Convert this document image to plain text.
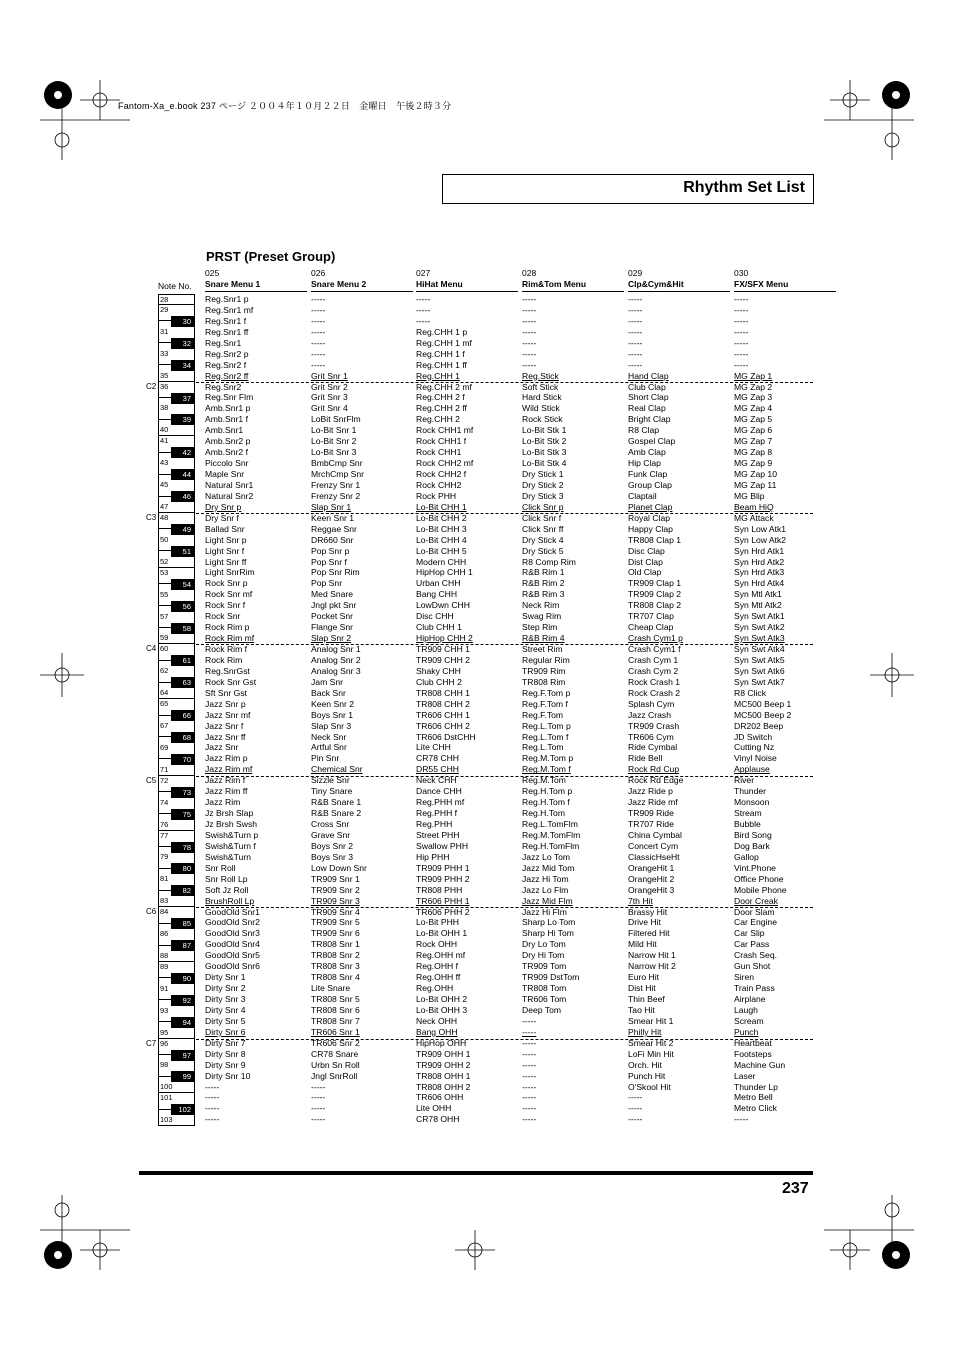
Fantom-Xa_e.book 237 ページ ２００４年１０月２２日　金曜日　午後２時３分
Rhythm Set List
PRST (Preset Group)
Note No.
28
29
31
33
35
36
38
40
41
43
45
47
48
50
52
53
55
57
59
60
62
64
65
67
69
71
72
74
76
77
79
81
83
84
86
88
89
91
93
95
96
98
100
101
103
30
32
34
37
39
42
44
46
49
51
54
56
58
61
63
66
68
70
73
75
78
80
82
85
87
90
92
94
97
99
102
C2
C3
C4
C5
C6
C7
025
Snare Menu 1
Reg.Snr1 p
Reg.Snr1 mf
Reg.Snr1 f
Reg.Snr1 ff
Reg.Snr1
Reg.Snr2 p
Reg.Snr2 f
Reg.Snr2 ff
Reg.Snr2
Reg.Snr Flm
Amb.Snr1 p
Amb.Snr1 f
Amb.Snr1
Amb.Snr2 p
Amb.Snr2 f
Piccolo Snr
Maple Snr
Natural Snr1
Natural Snr2
Dry Snr p
Dry Snr f
Ballad Snr
Light Snr p
Light Snr f
Light Snr ff
Light SnrRim
Rock Snr p
Rock Snr mf
Rock Snr f
Rock Snr
Rock Rim p
Rock Rim mf
Rock Rim f
Rock Rim
Reg.SnrGst
Rock Snr Gst
Sft Snr Gst
Jazz Snr p
Jazz Snr mf
Jazz Snr f
Jazz Snr ff
Jazz Snr
Jazz Rim p
Jazz Rim mf
Jazz Rim f
Jazz Rim ff
Jazz Rim
Jz Brsh Slap
Jz Brsh Swsh
Swish&Turn p
Swish&Turn f
Swish&Turn
Snr Roll
Snr Roll Lp
Soft Jz Roll
BrushRoll Lp
GoodOld Snr1
GoodOld Snr2
GoodOld Snr3
GoodOld Snr4
GoodOld Snr5
GoodOld Snr6
Dirty Snr 1
Dirty Snr 2
Dirty Snr 3
Dirty Snr 4
Dirty Snr 5
Dirty Snr 6
Dirty Snr 7
Dirty Snr 8
Dirty Snr 9
Dirty Snr 10
-----
-----
-----
-----
026
Snare Menu 2
-----
-----
-----
-----
-----
-----
-----
Grit Snr 1
Grit Snr 2
Grit Snr 3
Grit Snr 4
LoBit SnrFlm
Lo-Bit Snr 1
Lo-Bit Snr 2
Lo-Bit Snr 3
BmbCmp Snr
MrchCmp Snr
Frenzy Snr 1
Frenzy Snr 2
Slap Snr 1
Keen Snr 1
Reggae Snr
DR660 Snr
Pop Snr p
Pop Snr f
Pop Snr Rim
Pop Snr
Med Snare
Jngl pkt Snr
Pocket Snr
Flange Snr
Slap Snr 2
Analog Snr 1
Analog Snr 2
Analog Snr 3
Jam Snr
Back Snr
Keen Snr 2
Boys Snr 1
Slap Snr 3
Neck Snr
Artful Snr
Pin Snr
Chemical Snr
Sizzle Snr
Tiny Snare
R&B Snare 1
R&B Snare 2
Cross Snr
Grave Snr
Boys Snr 2
Boys Snr 3
Low Down Snr
TR909 Snr 1
TR909 Snr 2
TR909 Snr 3
TR909 Snr 4
TR909 Snr 5
TR909 Snr 6
TR808 Snr 1
TR808 Snr 2
TR808 Snr 3
TR808 Snr 4
Lite Snare
TR808 Snr 5
TR808 Snr 6
TR808 Snr 7
TR606 Snr 1
TR606 Snr 2
CR78 Snare
Urbn Sn Roll
Jngl SnrRoll
-----
-----
-----
-----
027
HiHat Menu
-----
-----
-----
Reg.CHH 1 p
Reg.CHH 1 mf
Reg.CHH 1 f
Reg.CHH 1 ff
Reg.CHH 1
Reg.CHH 2 mf
Reg.CHH 2 f
Reg.CHH 2 ff
Reg.CHH 2
Rock CHH1 mf
Rock CHH1 f
Rock CHH1
Rock CHH2 mf
Rock CHH2 f
Rock CHH2
Rock PHH
Lo-Bit CHH 1
Lo-Bit CHH 2
Lo-Bit CHH 3
Lo-Bit CHH 4
Lo-Bit CHH 5
Modern CHH
HipHop CHH 1
Urban CHH
Bang CHH
LowDwn CHH
Disc CHH
Club CHH 1
HipHop CHH 2
TR909 CHH 1
TR909 CHH 2
Shaky CHH
Club CHH 2
TR808 CHH 1
TR808 CHH 2
TR606 CHH 1
TR606 CHH 2
TR606 DstCHH
Lite CHH
CR78 CHH
DR55 CHH
Neck CHH
Dance CHH
Reg.PHH mf
Reg.PHH f
Reg.PHH
Street PHH
Swallow PHH
Hip PHH
TR909 PHH 1
TR909 PHH 2
TR808 PHH
TR606 PHH 1
TR606 PHH 2
Lo-Bit PHH
Lo-Bit OHH 1
Rock OHH
Reg.OHH mf
Reg.OHH f
Reg.OHH ff
Reg.OHH
Lo-Bit OHH 2
Lo-Bit OHH 3
Neck OHH
Bang OHH
HipHop OHH
TR909 OHH 1
TR909 OHH 2
TR808 OHH 1
TR808 OHH 2
TR606 OHH
Lite OHH
CR78 OHH
028
Rim&Tom Menu
-----
-----
-----
-----
-----
-----
-----
Reg.Stick
Soft Stick
Hard Stick
Wild Stick
Rock Stick
Lo-Bit Stk 1
Lo-Bit Stk 2
Lo-Bit Stk 3
Lo-Bit Stk 4
Dry Stick 1
Dry Stick 2
Dry Stick 3
Click Snr p
Click Snr f
Click Snr ff
Dry Stick 4
Dry Stick 5
R8 Comp Rim
R&B Rim 1
R&B Rim 2
R&B Rim 3
Neck Rim
Swag Rim
Step Rim
R&B Rim 4
Street Rim
Regular Rim
TR909 Rim
TR808 Rim
Reg.F.Tom p
Reg.F.Tom f
Reg.F.Tom
Reg.L.Tom p
Reg.L.Tom f
Reg.L.Tom
Reg.M.Tom p
Reg.M.Tom f
Reg.M.Tom
Reg.H.Tom p
Reg.H.Tom f
Reg.H.Tom
Reg.L.TomFlm
Reg.M.TomFlm
Reg.H.TomFlm
Jazz Lo Tom
Jazz Mid Tom
Jazz Hi Tom
Jazz Lo Flm
Jazz Mid Flm
Jazz Hi Flm
Sharp Lo Tom
Sharp Hi Tom
Dry Lo Tom
Dry Hi Tom
TR909 Tom
TR909 DstTom
TR808 Tom
TR606 Tom
Deep Tom
-----
-----
-----
-----
-----
-----
-----
-----
-----
-----
029
Clp&Cym&Hit
-----
-----
-----
-----
-----
-----
-----
Hand Clap
Club Clap
Short Clap
Real Clap
Bright Clap
R8 Clap
Gospel Clap
Amb Clap
Hip Clap
Funk Clap
Group Clap
Claptail
Planet Clap
Royal Clap
Happy Clap
TR808 Clap 1
Disc Clap
Dist Clap
Old Clap
TR909 Clap 1
TR909 Clap 2
TR808 Clap 2
TR707 Clap
Cheap Clap
Crash Cym1 p
Crash Cym1 f
Crash Cym 1
Crash Cym 2
Rock Crash 1
Rock Crash 2
Splash Cym
Jazz Crash
TR909 Crash
TR606 Cym
Ride Cymbal
Ride Bell
Rock Rd Cup
Rock Rd Edge
Jazz Ride p
Jazz Ride mf
TR909 Ride
TR707 Ride
China Cymbal
Concert Cym
ClassicHseHt
OrangeHit 1
OrangeHit 2
OrangeHit 3
7th Hit
Brassy Hit
Drive Hit
Filtered Hit
Mild Hit
Narrow Hit 1
Narrow Hit 2
Euro Hit
Dist Hit
Thin Beef
Tao Hit
Smear Hit 1
Philly Hit
Smear Hit 2
LoFi Min Hit
Orch. Hit
Punch Hit
O'Skool Hit
-----
-----
-----
030
FX/SFX Menu
-----
-----
-----
-----
-----
-----
-----
MG Zap 1
MG Zap 2
MG Zap 3
MG Zap 4
MG Zap 5
MG Zap 6
MG Zap 7
MG Zap 8
MG Zap 9
MG Zap 10
MG Zap 11
MG Blip
Beam HiQ
MG Attack
Syn Low Atk1
Syn Low Atk2
Syn Hrd Atk1
Syn Hrd Atk2
Syn Hrd Atk3
Syn Hrd Atk4
Syn Mtl Atk1
Syn Mtl Atk2
Syn Swt Atk1
Syn Swt Atk2
Syn Swt Atk3
Syn Swt Atk4
Syn Swt Atk5
Syn Swt Atk6
Syn Swt Atk7
R8 Click
MC500 Beep 1
MC500 Beep 2
DR202 Beep
JD Switch
Cutting Nz
Vinyl Noise
Applause
River
Thunder
Monsoon
Stream
Bubble
Bird Song
Dog Bark
Gallop
Vint.Phone
Office Phone
Mobile Phone
Door Creak
Door Slam
Car Engine
Car Slip
Car Pass
Crash Seq.
Gun Shot
Siren
Train Pass
Airplane
Laugh
Scream
Punch
Heartbeat
Footsteps
Machine Gun
Laser
Thunder Lp
Metro Bell
Metro Click
-----
237
